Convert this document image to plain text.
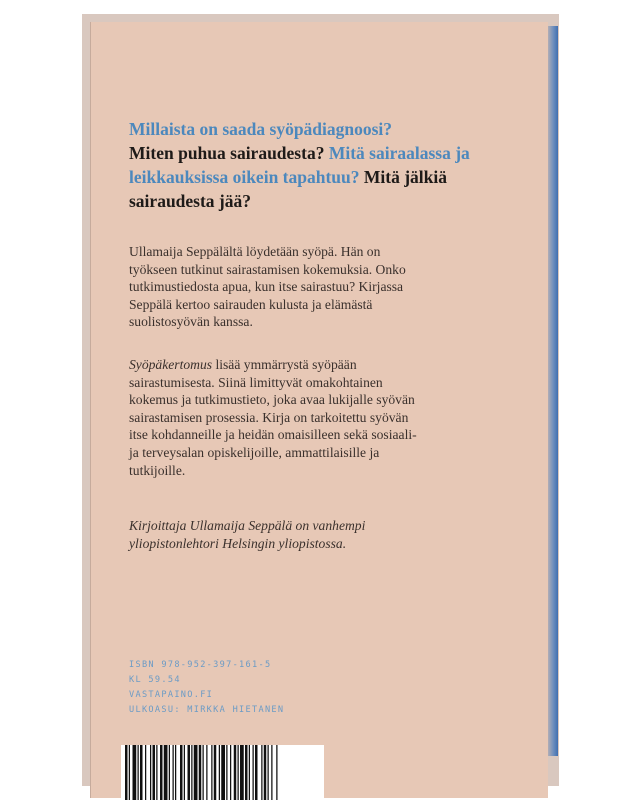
Millaista on saada syöpädiagnoosi?
Miten puhua sairaudesta? Mitä sairaalassa ja leikkauksissa oikein tapahtuu? Mitä jälkiä sairaudesta jää?
Ullamaija Seppälältä löydetään syöpä. Hän on
työkseen tutkinut sairastamisen kokemuksia. Onko
tutkimustiedosta apua, kun itse sairastuu? Kirjassa
Seppälä kertoo sairauden kulusta ja elämästä
suolistosyövän kanssa.
Syöpäkertomus lisää ymmärrystä syöpään
sairastumisesta. Siinä limittyvät omakohtainen
kokemus ja tutkimustieto, joka avaa lukijalle syövän
sairastamisen prosessia. Kirja on tarkoitettu syövän
itse kohdanneille ja heidän omaisilleen sekä sosiaali-
ja terveysalan opiskelijoille, ammattilaisille ja
tutkijoille.
Kirjoittaja Ullamaija Seppälä on vanhempi
yliopistonlehtori Helsingin yliopistossa.
ISBN 978-952-397-161-5
KL 59.54
VASTAPAINO.FI
ULKOASU: MIRKKA HIETANEN
